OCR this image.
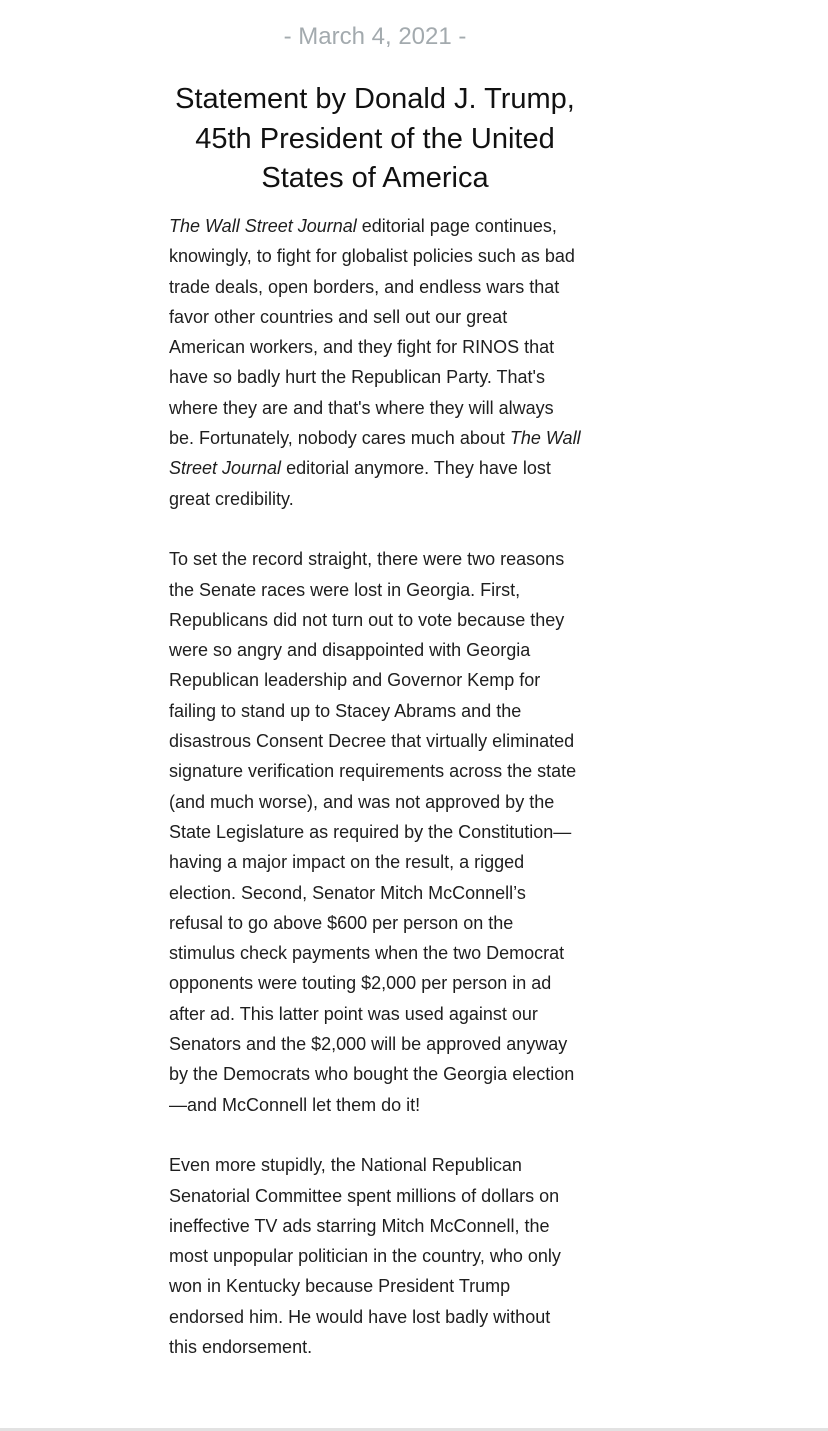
- March 4, 2021 -
Statement by Donald J. Trump, 45th President of the United States of America

The Wall Street Journal editorial page continues, knowingly, to fight for globalist policies such as bad trade deals, open borders, and endless wars that favor other countries and sell out our great American workers, and they fight for RINOS that have so badly hurt the Republican Party. That's where they are and that's where they will always be. Fortunately, nobody cares much about The Wall Street Journal editorial anymore. They have lost great credibility.

To set the record straight, there were two reasons the Senate races were lost in Georgia. First, Republicans did not turn out to vote because they were so angry and disappointed with Georgia Republican leadership and Governor Kemp for failing to stand up to Stacey Abrams and the disastrous Consent Decree that virtually eliminated signature verification requirements across the state (and much worse), and was not approved by the State Legislature as required by the Constitution—having a major impact on the result, a rigged election. Second, Senator Mitch McConnell’s refusal to go above $600 per person on the stimulus check payments when the two Democrat opponents were touting $2,000 per person in ad after ad. This latter point was used against our Senators and the $2,000 will be approved anyway by the Democrats who bought the Georgia election—and McConnell let them do it!

Even more stupidly, the National Republican Senatorial Committee spent millions of dollars on ineffective TV ads starring Mitch McConnell, the most unpopular politician in the country, who only won in Kentucky because President Trump endorsed him. He would have lost badly without this endorsement.
